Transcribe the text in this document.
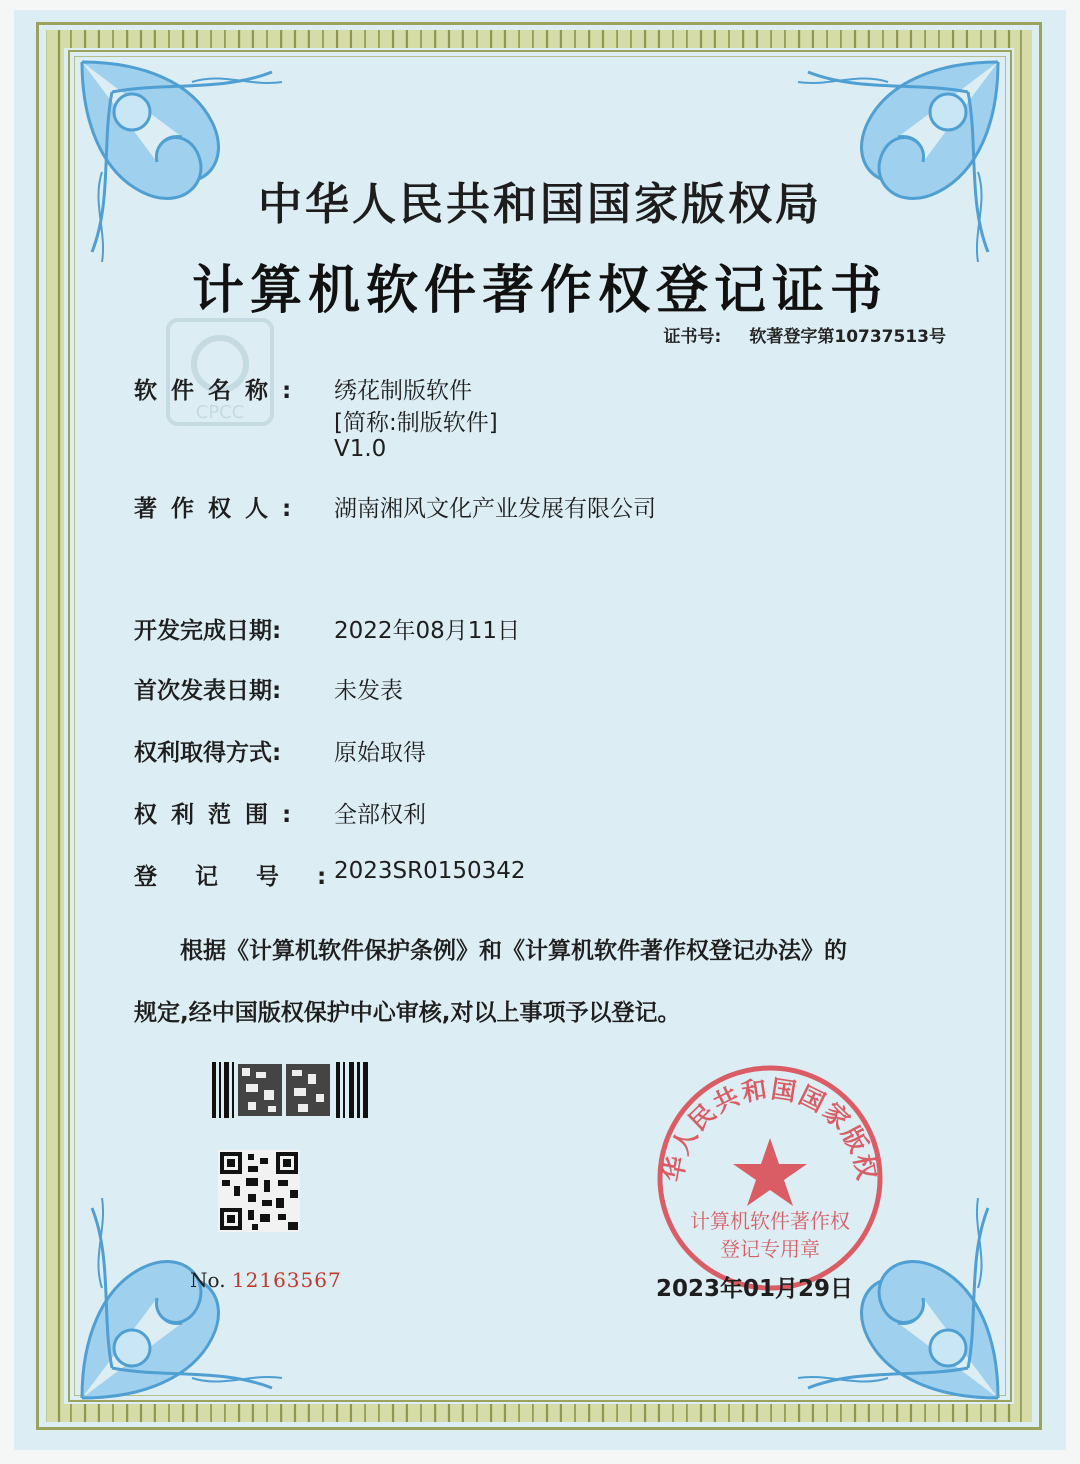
CPCC
中华人民共和国国家版权局
计算机软件著作权登记证书
证书号: 软著登字第10737513号
软件名称:	绣花制版软件
[简称:制版软件]
V1.0
著作权人:	湖南湘风文化产业发展有限公司
开发完成日期:	2022年08月11日
首次发表日期:	未发表
权利取得方式:	原始取得
权利范围:	全部权利
登记号:
2023SR0150342
根据《计算机软件保护条例》和《计算机软件著作权登记办法》的
规定,经中国版权保护中心审核,对以上事项予以登记。
No. 12163567
华人民共和国国家版权
计算机软件著作权
登记专用章
2023年01月29日
